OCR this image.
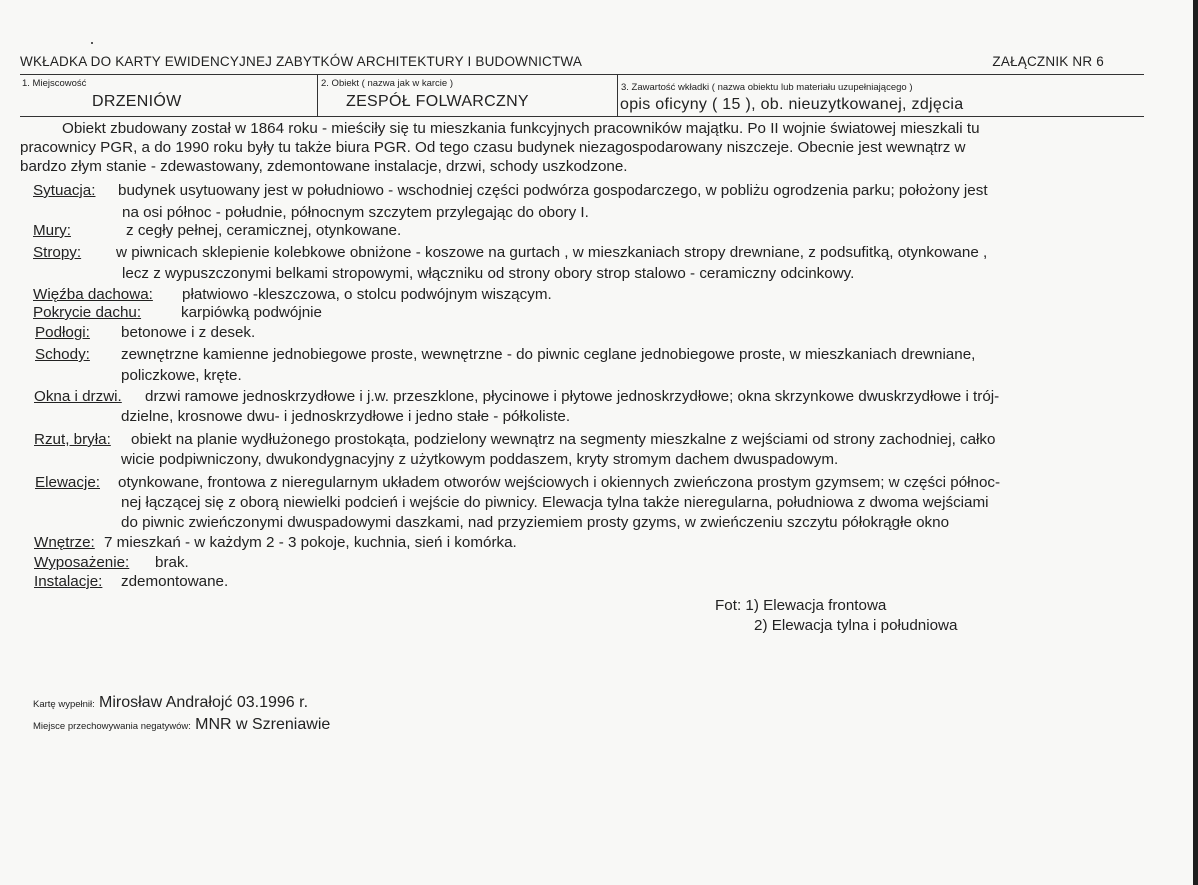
WKŁADKA DO KARTY EWIDENCYJNEJ ZABYTKÓW ARCHITEKTURY I BUDOWNICTWA	ZAŁĄCZNIK NR 6
1. Miejscowość
DRZENIÓW
2. Obiekt ( nazwa jak w karcie )
ZESPÓŁ FOLWARCZNY
3. Zawartość wkładki ( nazwa obiektu lub materiału uzupełniającego )
opis oficyny ( 15 ), ob. nieuzytkowanej, zdjęcia
Obiekt zbudowany został w 1864 roku - mieściły się tu mieszkania funkcyjnych pracowników majątku. Po II wojnie światowej mieszkali tu
pracownicy PGR, a do 1990 roku były tu także biura PGR. Od tego czasu budynek niezagospodarowany niszczeje. Obecnie jest wewnątrz w
bardzo złym stanie - zdewastowany, zdemontowane instalacje, drzwi, schody uszkodzone.
Sytuacja: budynek usytuowany jest w południowo - wschodniej części podwórza gospodarczego, w pobliżu ogrodzenia parku; położony jest
na osi północ - południe, północnym szczytem przylegając do obory I.
Mury:	z cegły pełnej, ceramicznej, otynkowane.
Stropy: w piwnicach sklepienie kolebkowe obniżone - koszowe na gurtach , w mieszkaniach stropy drewniane, z podsufitką, otynkowane ,
lecz z wypuszczonymi belkami stropowymi, włączniku od strony obory strop stalowo - ceramiczny odcinkowy.
Więźba dachowa: płatwiowo -kleszczowa, o stolcu podwójnym wiszącym.
Pokrycie dachu:	karpiówką podwójnie
Podłogi: betonowe i z desek.
Schody: zewnętrzne kamienne jednobiegowe proste, wewnętrzne - do piwnic ceglane jednobiegowe proste, w mieszkaniach drewniane,
policzkowe, kręte.
Okna i drzwi. drzwi ramowe jednoskrzydłowe i j.w. przeszklone, płycinowe i płytowe jednoskrzydłowe; okna skrzynkowe dwuskrzydłowe i trój-
dzielne, krosnowe dwu- i jednoskrzydłowe i jedno stałe - półkoliste.
Rzut, bryła: obiekt na planie wydłużonego prostokąta, podzielony wewnątrz na segmenty mieszkalne z wejściami od strony zachodniej, całko
wicie podpiwniczony, dwukondygnacyjny z użytkowym poddaszem, kryty stromym dachem dwuspadowym.
Elewacje: otynkowane, frontowa z nieregularnym układem otworów wejściowych i okiennych zwieńczona prostym gzymsem; w części północ-
nej łączącej się z oborą niewielki podcień i wejście do piwnicy. Elewacja tylna także nieregularna, południowa z dwoma wejściami
do piwnic zwieńczonymi dwuspadowymi daszkami, nad przyziemiem prosty gzyms, w zwieńczeniu szczytu półokrągłe okno
Wnętrze: 7 mieszkań - w każdym 2 - 3 pokoje, kuchnia, sień i komórka.
Wyposażenie: brak.
Instalacje: zdemontowane.
Fot: 1) Elewacja frontowa
2) Elewacja tylna i południowa
Kartę wypełnił: Mirosław Andrałojć 03.1996 r.
Miejsce przechowywania negatywów: MNR w Szreniawie
